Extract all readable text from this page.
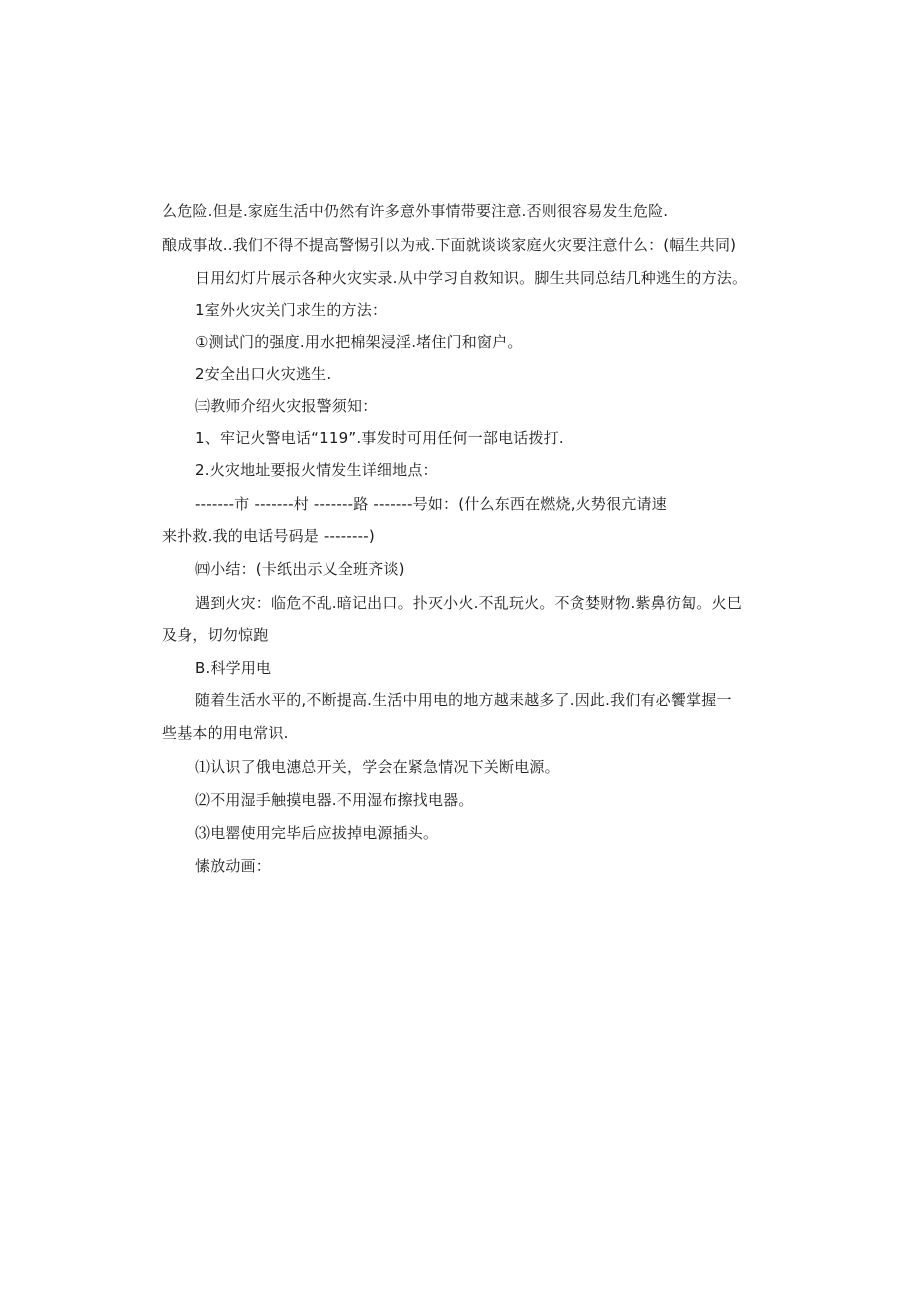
么危险.但是.家庭生活中仍然有许多意外事情带要注意.否则很容易发生危险.
酿成事故..我们不得不提高警惕引以为戒.下面就谈谈家庭火灾要注意什么：(幅生共同)
日用幻灯片展示各种火灾实录.从中学习自救知识。脚生共同总结几种逃生的方法。
1室外火灾关门求生的方法：
①测试门的强度.用水把棉架浸淫.堵住门和窗户。
2安全出口火灾逃生.
㈢教师介绍火灾报警须知：
1、牢记火警电话“119”.事发时可用任何一部电话拨打.
2.火灾地址要报火情发生详细地点：
-------市 -------村 -------路 -------号如：(什么东西在燃烧,火势很亢请速
来扑救.我的电话号码是 --------)
㈣小结：(卡纸出示乂全班齐谈)
遇到火灾：临危不乱.暗记出口。扑灭小火.不乱玩火。不贪婪财物.紫鼻彷匐。火巳
及身，切勿惊跑
B.科学用电
随着生活水平的,不断提高.生活中用电的地方越耒越多了.因此.我们有必饗掌握一
些基本的用电常识.
⑴认识了俄电潓总开关，学会在紧急情况下关断电源。
⑵不用湿手触摸电器.不用湿布擦找电器。
⑶电罂使用完毕后应拔掉电源插头。
愫放动画：
